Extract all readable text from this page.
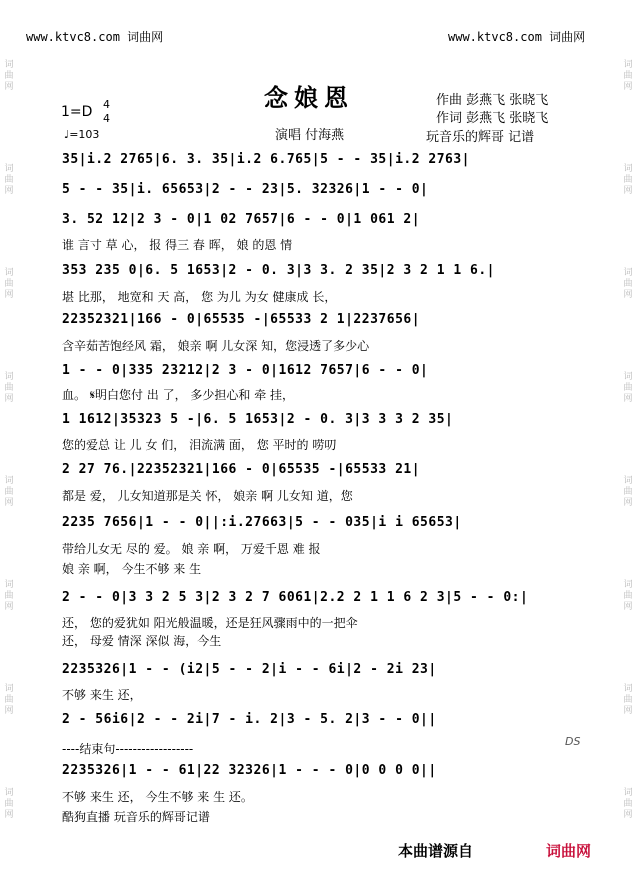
www.ktvc8.com 词曲网	www.ktvc8.com 词曲网
词
曲
网
词
曲
网
词
曲
网
词
曲
网
词
曲
网
词
曲
网
词
曲
网
词
曲
网
词
曲
网
词
曲
网
词
曲
网
词
曲
网
词
曲
网
词
曲
网
词
曲
网
词
曲
网
念娘恩
1=D 4
4
♩=103	演唱 付海燕
作曲 彭燕飞 张晓飞
作词 彭燕飞 张晓飞
玩音乐的辉哥 记谱
35|i.2 2765|6. 3. 35|i.2 6.765|5 - - 35|i.2 2763|
5 - - 35|i. 65653|2 - - 23|5. 32326|1 - - 0|
3. 52 12|2 3 - 0|1 02 7657|6 - - 0|1 061 2|
谁 言寸 草 心， 报 得三 春 晖， 娘 的恩 情
353 235 0|6. 5 1653|2 - 0. 3|3 3. 2 35|2 3 2 1 1 6.|
堪 比那， 地宽和 天 高， 您 为儿 为女 健康成 长，
22352321|166 - 0|65535 -|65533 2 1|2237656|
含辛茹苦饱经风 霜， 娘亲 啊 儿女深 知，您浸透了多少心
1 - - 0|335 23212|2 3 - 0|1612 7657|6 - - 0|
血。 𝄋明白您付 出 了， 多少担心和 牵 挂，
1 1612|35323 5 -|6. 5 1653|2 - 0. 3|3 3 3 2 35|
您的爱总 让 儿 女 们， 泪流满 面， 您 平时的 唠叨
2 27 76.|22352321|166 - 0|65535 -|65533 21|
都是 爱， 儿女知道那是关 怀， 娘亲 啊 儿女知 道，您
2235 7656|1 - - 0||:i.27663|5 - - 035|i i 65653|
带给儿女无 尽的 爱。 娘 亲 啊， 万爱千恩 难 报
娘 亲 啊， 今生不够 来 生
2 - - 0|3 3 2 5 3|2 3 2 7 6061|2.2 2 1 1 6 2 3|5 - - 0:|
还， 您的爱犹如 阳光般温暖，还是狂风骤雨中的一把伞
还， 母爱 情深 深似 海，今生
2235326|1 - - (i2|5 - - 2|i - - 6i|2 - 2i 23|
不够 来生 还，
2 - 56i6|2 - - 2i|7 - i. 2|3 - 5. 2|3 - - 0||
----结束句------------------
2235326|1 - - 61|22 32326|1 - - - 0|0 0 0 0||
不够 来生 还， 今生不够 来 生 还。
DS
酷狗直播 玩音乐的辉哥记谱
本曲谱源自	词曲网
